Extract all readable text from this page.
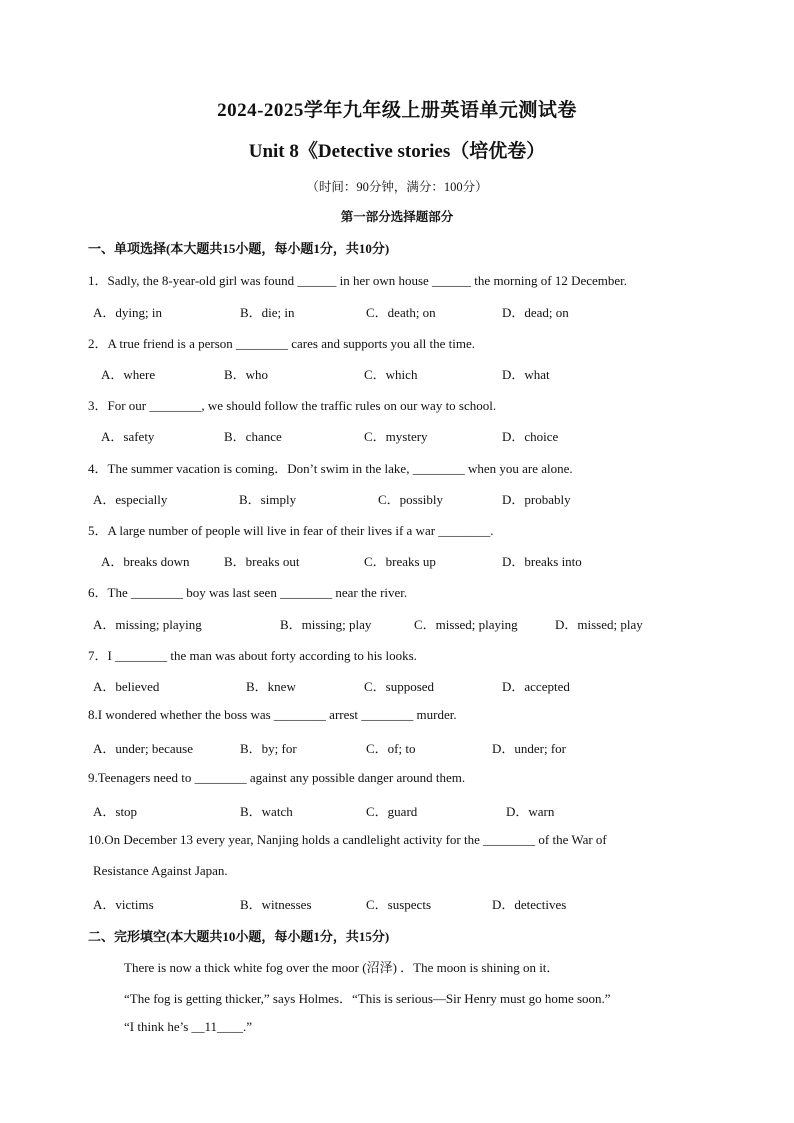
2024-2025学年九年级上册英语单元测试卷
Unit 8《Detective stories（培优卷）
（时间：90分钟，满分：100分）
第一部分选择题部分
一、单项选择(本大题共15小题，每小题1分，共10分)
1．Sadly, the 8-year-old girl was found ______ in her own house ______ the morning of 12 December.
A．dying; in	B．die; in	C．death; on	D．dead; on
2．A true friend is a person ________ cares and supports you all the time.
A．where	B．who	C．which	D．what
3．For our ________, we should follow the traffic rules on our way to school.
A．safety	B．chance	C．mystery	D．choice
4．The summer vacation is coming．Don’t swim in the lake, ________ when you are alone.
A．especially	B．simply	C．possibly	D．probably
5．A large number of people will live in fear of their lives if a war ________.
A．breaks down	B．breaks out	C．breaks up	D．breaks into
6．The ________ boy was last seen ________ near the river.
A．missing; playing	B．missing; play	C．missed; playing	D．missed; play
7．I ________ the man was about forty according to his looks.
A．believed	B．knew	C．supposed	D．accepted
8.I wondered whether the boss was ________ arrest ________ murder.
A．under; because	B．by; for	C．of; to	D．under; for
9.Teenagers need to ________ against any possible danger around them.
A．stop	B．watch	C．guard	D．warn
10.On December 13 every year, Nanjing holds a candlelight activity for the ________ of the War of
Resistance Against Japan.
A．victims	B．witnesses	C．suspects	D．detectives
二、完形填空(本大题共10小题，每小题1分，共15分)
There is now a thick white fog over the moor (沼泽) ．The moon is shining on it．
“The fog is getting thicker,” says Holmes．“This is serious—Sir Henry must go home soon.”
“I think he’s __11____.”
